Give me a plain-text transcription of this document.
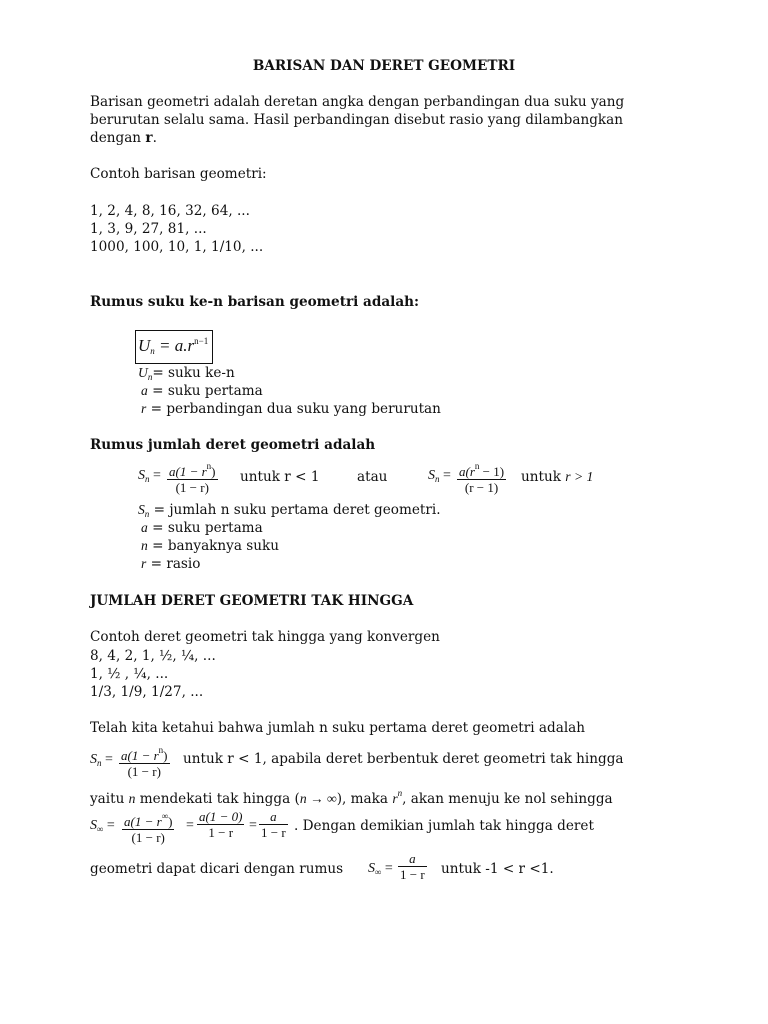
BARISAN DAN DERET GEOMETRI
Barisan geometri adalah deretan angka dengan perbandingan dua suku yang
berurutan selalu sama. Hasil perbandingan disebut rasio yang dilambangkan
dengan r.
Contoh barisan geometri:
1, 2, 4, 8, 16, 32, 64, ...
1, 3, 9, 27, 81, ...
1000, 100, 10, 1, 1/10, ...
Rumus suku ke-n barisan geometri adalah:
$U_n = a.r^{n-1}$
$U_n=$ suku ke-n
a = suku pertama
r = perbandingan dua suku yang berurutan
Rumus jumlah deret geometri adalah
$S_n = \frac{a(1 - r^n)}{(1 - r)}$ untuk r < 1	atau	$S_n = \frac{a(r^n - 1)}{(r - 1)}$ untuk r > 1
$S_n$ = jumlah n suku pertama deret geometri.
a = suku pertama
n = banyaknya suku
r = rasio
JUMLAH DERET GEOMETRI TAK HINGGA
Contoh deret geometri tak hingga yang konvergen
8, 4, 2, 1, ½, ¼, ...
1, ½ , ¼, ...
1/3, 1/9, 1/27, ...
Telah kita ketahui bahwa jumlah n suku pertama deret geometri adalah
$S_n = \frac{a(1 - r^n)}{(1 - r)}$ untuk r < 1, apabila deret berbentuk deret geometri tak hingga
yaitu n mendekati tak hingga (n → ∞), maka $r^n$, akan menuju ke nol sehingga
$S_\infty = \frac{a(1 - r^\infty)}{(1 - r)} = \frac{a(1 - 0)}{1 - r} = \frac{a}{1 - r}$ . Dengan demikian jumlah tak hingga deret
geometri dapat dicari dengan rumus $S_\infty = \frac{a}{1 - r}$ untuk -1 < r <1.
